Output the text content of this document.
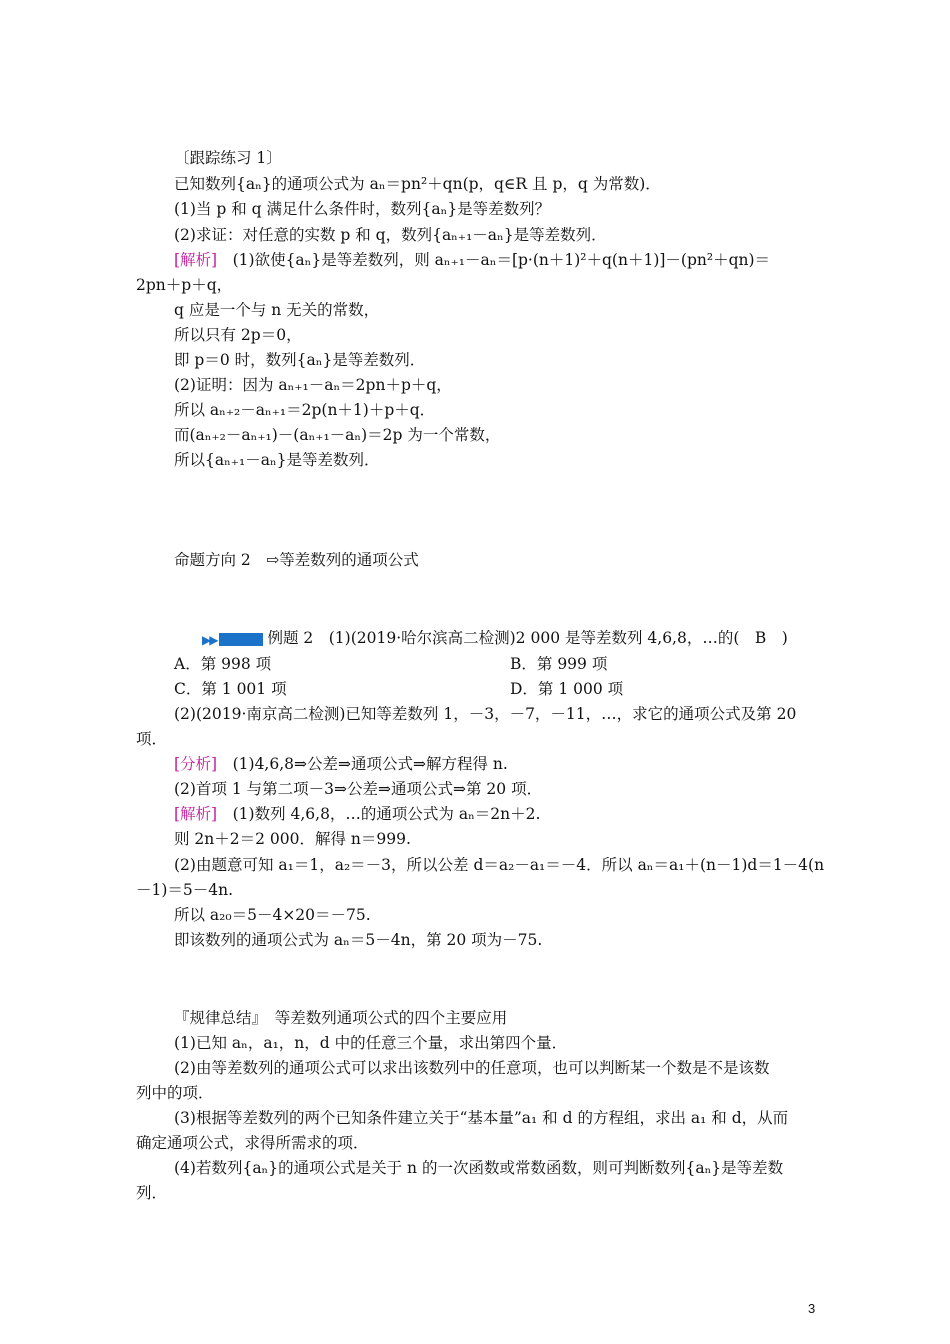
〔跟踪练习 1〕
已知数列{aₙ}的通项公式为 aₙ＝pn²＋qn(p，q∈R 且 p，q 为常数)．
(1)当 p 和 q 满足什么条件时，数列{aₙ}是等差数列？
(2)求证：对任意的实数 p 和 q，数列{aₙ₊₁－aₙ}是等差数列．
[解析]  (1)欲使{aₙ}是等差数列，则 aₙ₊₁－aₙ＝[p·(n＋1)²＋q(n＋1)]－(pn²＋qn)＝
2pn＋p＋q，
q 应是一个与 n 无关的常数，
所以只有 2p＝0，
即 p＝0 时，数列{aₙ}是等差数列．
(2)证明：因为 aₙ₊₁－aₙ＝2pn＋p＋q，
所以 aₙ₊₂－aₙ₊₁＝2p(n＋1)＋p＋q．
而(aₙ₊₂－aₙ₊₁)－(aₙ₊₁－aₙ)＝2p 为一个常数，
所以{aₙ₊₁－aₙ}是等差数列．
命题方向 2　⇨等差数列的通项公式
▶▶	例题 2　(1)(2019·哈尔滨高二检测)2 000 是等差数列 4,6,8，…的(　B　)
A．第 998 项
C．第 1 001 项
(2)(2019·南京高二检测)已知等差数列 1，－3，－7，－11，…，求它的通项公式及第 20
项．
[分析]  (1)4,6,8⇒公差⇒通项公式⇒解方程得 n.
(2)首项 1 与第二项－3⇒公差⇒通项公式⇒第 20 项．
[解析]  (1)数列 4,6,8，…的通项公式为 aₙ＝2n＋2.
则 2n＋2＝2 000．解得 n＝999.
(2)由题意可知 a₁＝1，a₂＝－3，所以公差 d＝a₂－a₁＝－4．所以 aₙ＝a₁＋(n－1)d＝1－4(n
－1)＝5－4n.
所以 a₂₀＝5－4×20＝－75.
即该数列的通项公式为 aₙ＝5－4n，第 20 项为－75.
『规律总结』　等差数列通项公式的四个主要应用
(1)已知 aₙ，a₁，n，d 中的任意三个量，求出第四个量．
(2)由等差数列的通项公式可以求出该数列中的任意项，也可以判断某一个数是不是该数
列中的项．
(3)根据等差数列的两个已知条件建立关于“基本量”a₁ 和 d 的方程组，求出 a₁ 和 d，从而
确定通项公式，求得所需求的项．
(4)若数列{aₙ}的通项公式是关于 n 的一次函数或常数函数，则可判断数列{aₙ}是等差数
列．
B．第 999 项
D．第 1 000 项
3
